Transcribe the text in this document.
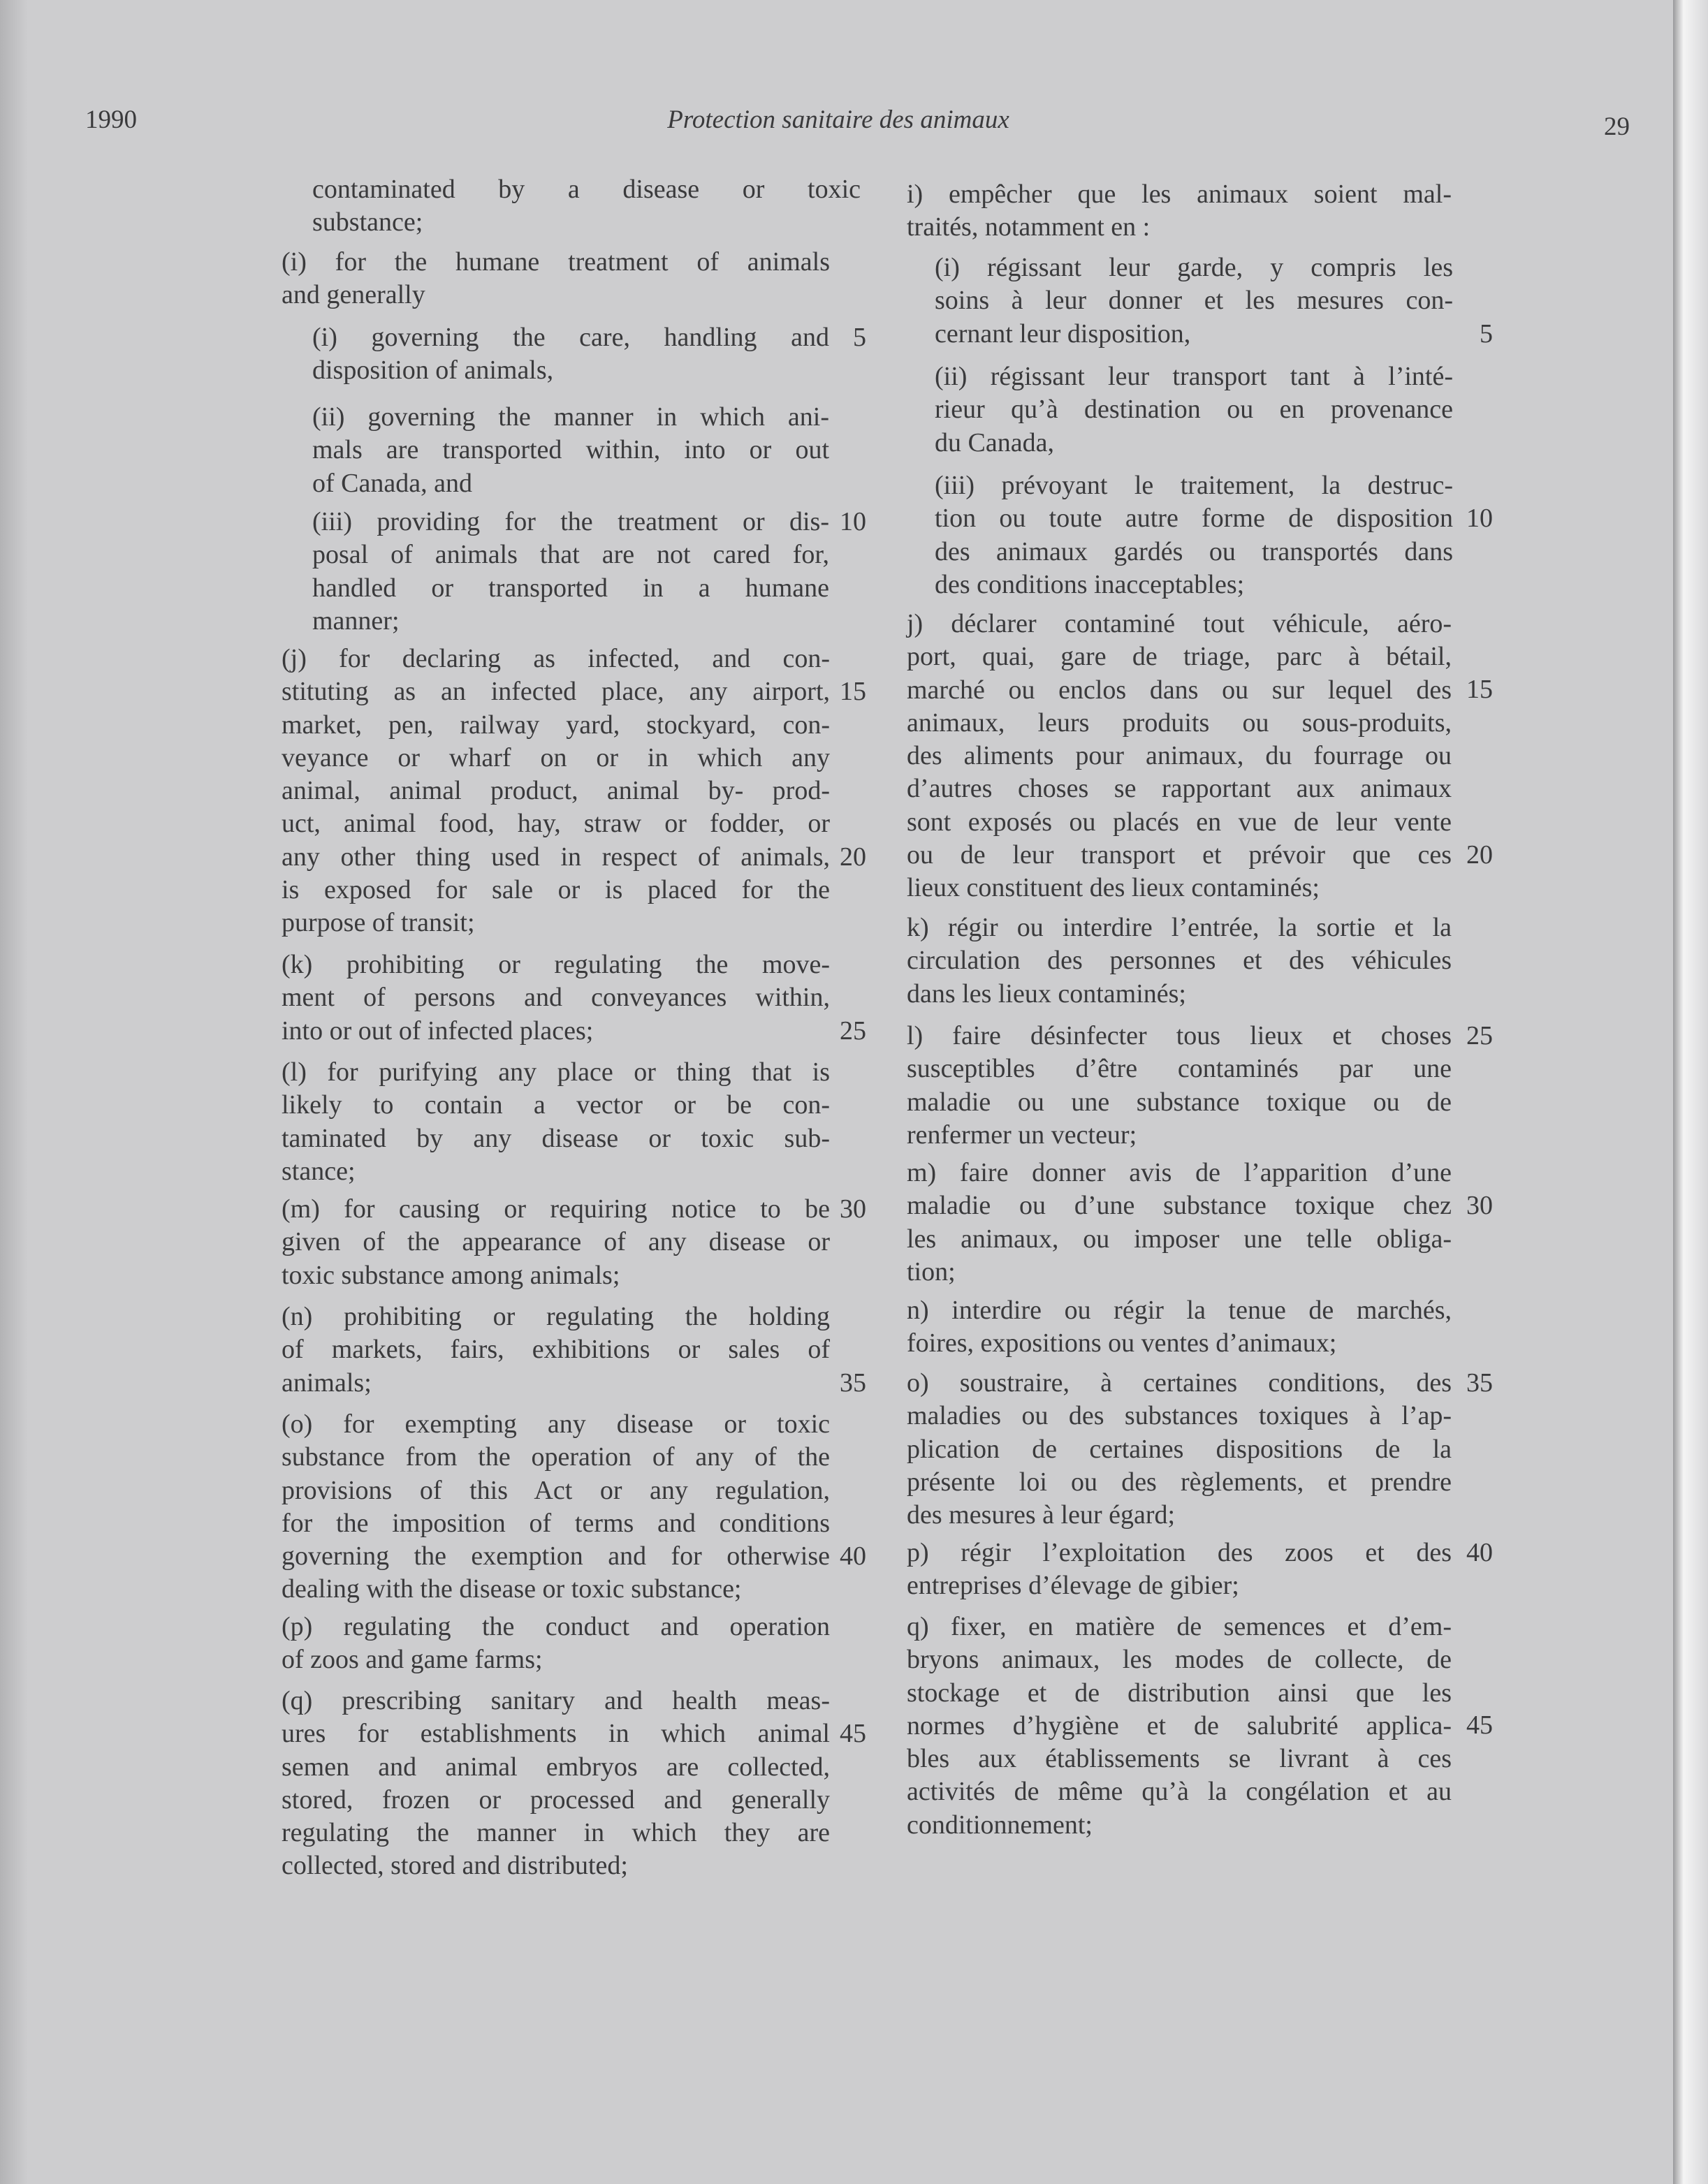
1990	Protection sanitaire des animaux	29
contaminated by a disease or toxic
substance;
(i) for the humane treatment of animals
and generally
(i) governing the care, handling and
disposition of animals,
(ii) governing the manner in which ani-
mals are transported within, into or out
of Canada, and
(iii) providing for the treatment or dis-
posal of animals that are not cared for,
handled or transported in a humane
manner;
(j) for declaring as infected, and con-
stituting as an infected place, any airport,
market, pen, railway yard, stockyard, con-
veyance or wharf on or in which any
animal, animal product, animal by- prod-
uct, animal food, hay, straw or fodder, or
any other thing used in respect of animals,
is exposed for sale or is placed for the
purpose of transit;
(k) prohibiting or regulating the move-
ment of persons and conveyances within,
into or out of infected places;
(l) for purifying any place or thing that is
likely to contain a vector or be con-
taminated by any disease or toxic sub-
stance;
(m) for causing or requiring notice to be
given of the appearance of any disease or
toxic substance among animals;
(n) prohibiting or regulating the holding
of markets, fairs, exhibitions or sales of
animals;
(o) for exempting any disease or toxic
substance from the operation of any of the
provisions of this Act or any regulation,
for the imposition of terms and conditions
governing the exemption and for otherwise
dealing with the disease or toxic substance;
(p) regulating the conduct and operation
of zoos and game farms;
(q) prescribing sanitary and health meas-
ures for establishments in which animal
semen and animal embryos are collected,
stored, frozen or processed and generally
regulating the manner in which they are
collected, stored and distributed;
5
10
15
20
25
30
35
40
45
i) empêcher que les animaux soient mal-
traités, notamment en :
(i) régissant leur garde, y compris les
soins à leur donner et les mesures con-
cernant leur disposition,
(ii) régissant leur transport tant à l’inté-
rieur qu’à destination ou en provenance
du Canada,
(iii) prévoyant le traitement, la destruc-
tion ou toute autre forme de disposition
des animaux gardés ou transportés dans
des conditions inacceptables;
j) déclarer contaminé tout véhicule, aéro-
port, quai, gare de triage, parc à bétail,
marché ou enclos dans ou sur lequel des
animaux, leurs produits ou sous-produits,
des aliments pour animaux, du fourrage ou
d’autres choses se rapportant aux animaux
sont exposés ou placés en vue de leur vente
ou de leur transport et prévoir que ces
lieux constituent des lieux contaminés;
k) régir ou interdire l’entrée, la sortie et la
circulation des personnes et des véhicules
dans les lieux contaminés;
l) faire désinfecter tous lieux et choses
susceptibles d’être contaminés par une
maladie ou une substance toxique ou de
renfermer un vecteur;
m) faire donner avis de l’apparition d’une
maladie ou d’une substance toxique chez
les animaux, ou imposer une telle obliga-
tion;
n) interdire ou régir la tenue de marchés,
foires, expositions ou ventes d’animaux;
o) soustraire, à certaines conditions, des
maladies ou des substances toxiques à l’ap-
plication de certaines dispositions de la
présente loi ou des règlements, et prendre
des mesures à leur égard;
p) régir l’exploitation des zoos et des
entreprises d’élevage de gibier;
q) fixer, en matière de semences et d’em-
bryons animaux, les modes de collecte, de
stockage et de distribution ainsi que les
normes d’hygiène et de salubrité applica-
bles aux établissements se livrant à ces
activités de même qu’à la congélation et au
conditionnement;
5
10
15
20
25
30
35
40
45
